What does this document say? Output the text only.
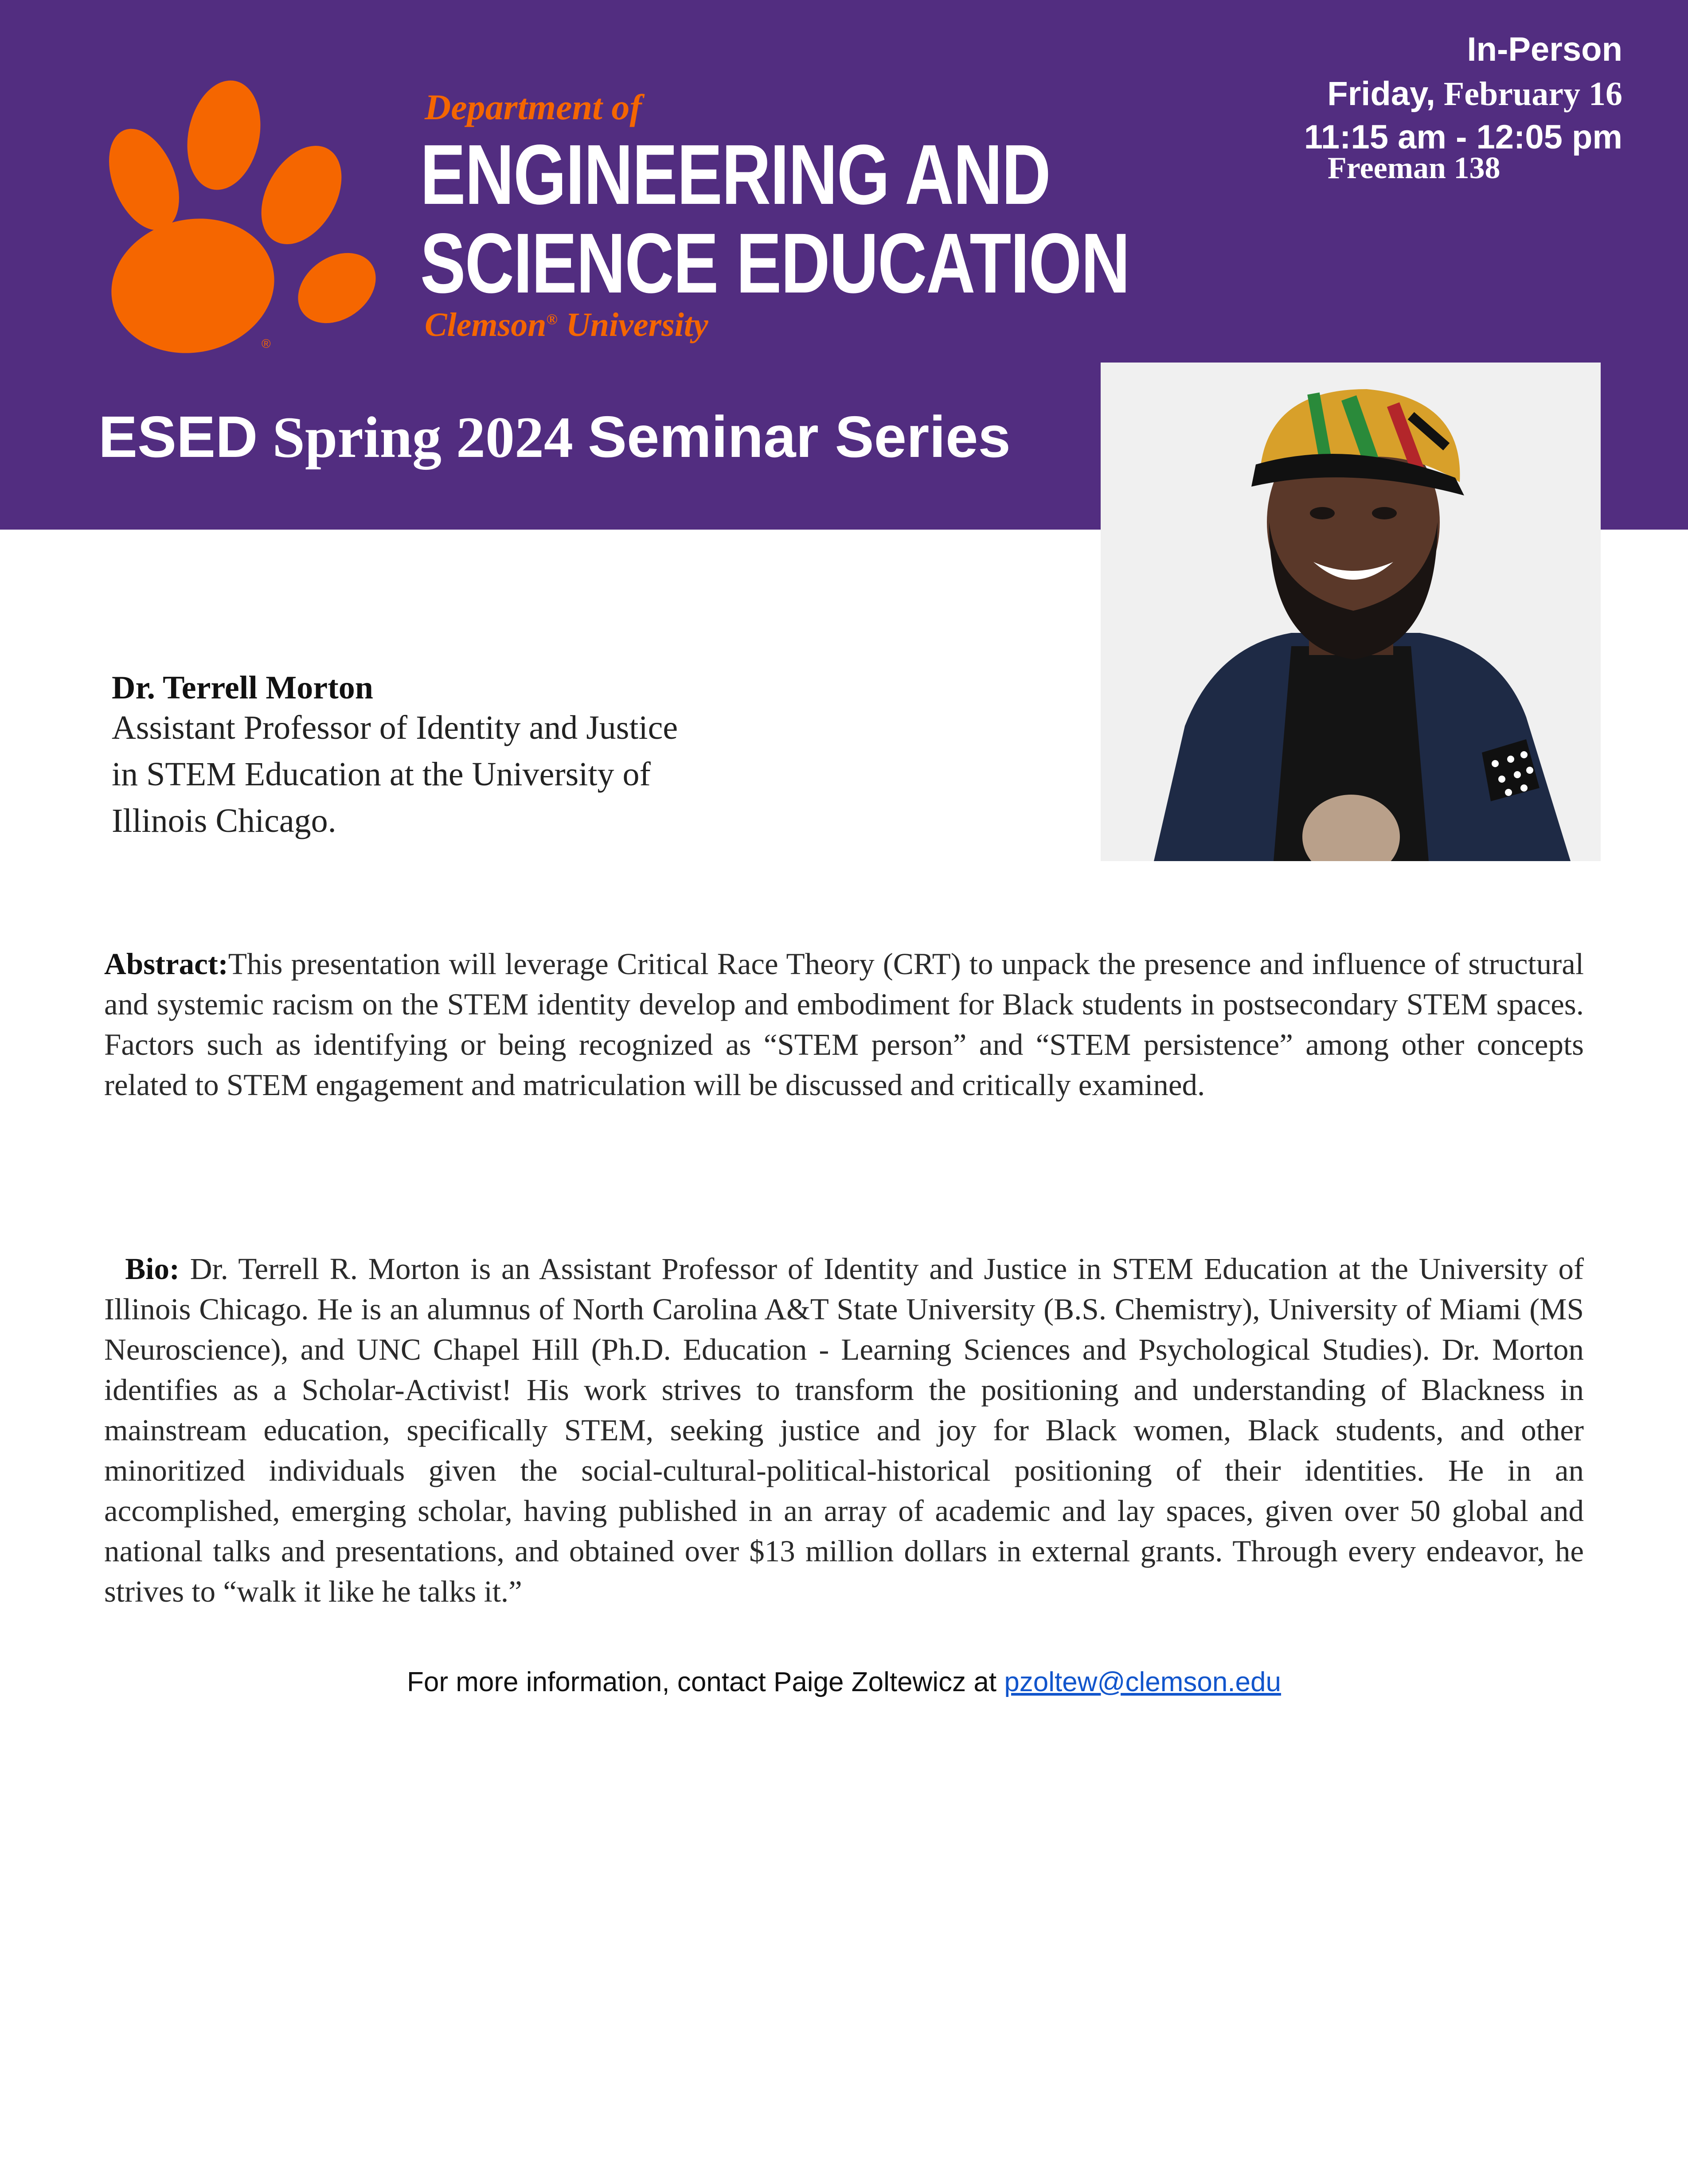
®
Department of
ENGINEERING AND
SCIENCE EDUCATION
Clemson® University
In-Person
Friday, February 16
11:15 am - 12:05 pm
Freeman 138
ESED Spring 2024 Seminar Series
Dr. Terrell Morton
Assistant Professor of Identity and Justice in STEM Education at the University of Illinois Chicago.
Abstract:This presentation will leverage Critical Race Theory (CRT) to unpack the presence and influence of structural and systemic racism on the STEM identity develop and embodiment for Black students in postsecondary STEM spaces. Factors such as identifying or being recognized as “STEM person” and “STEM persistence” among other concepts related to STEM engagement and matriculation will be discussed and critically examined.
Bio: Dr. Terrell R. Morton is an Assistant Professor of Identity and Justice in STEM Education at the University of Illinois Chicago. He is an alumnus of North Carolina A&T State University (B.S. Chemistry), University of Miami (MS Neuroscience), and UNC Chapel Hill (Ph.D. Education - Learning Sciences and Psychological Studies). Dr. Morton identifies as a Scholar-Activist! His work strives to transform the positioning and understanding of Blackness in mainstream education, specifically STEM, seeking justice and joy for Black women, Black students, and other minoritized individuals given the social-cultural-political-historical positioning of their identities. He in an accomplished, emerging scholar, having published in an array of academic and lay spaces, given over 50 global and national talks and presentations, and obtained over $13 million dollars in external grants. Through every endeavor, he strives to “walk it like he talks it.”
For more information, contact Paige Zoltewicz at pzoltew@clemson.edu
